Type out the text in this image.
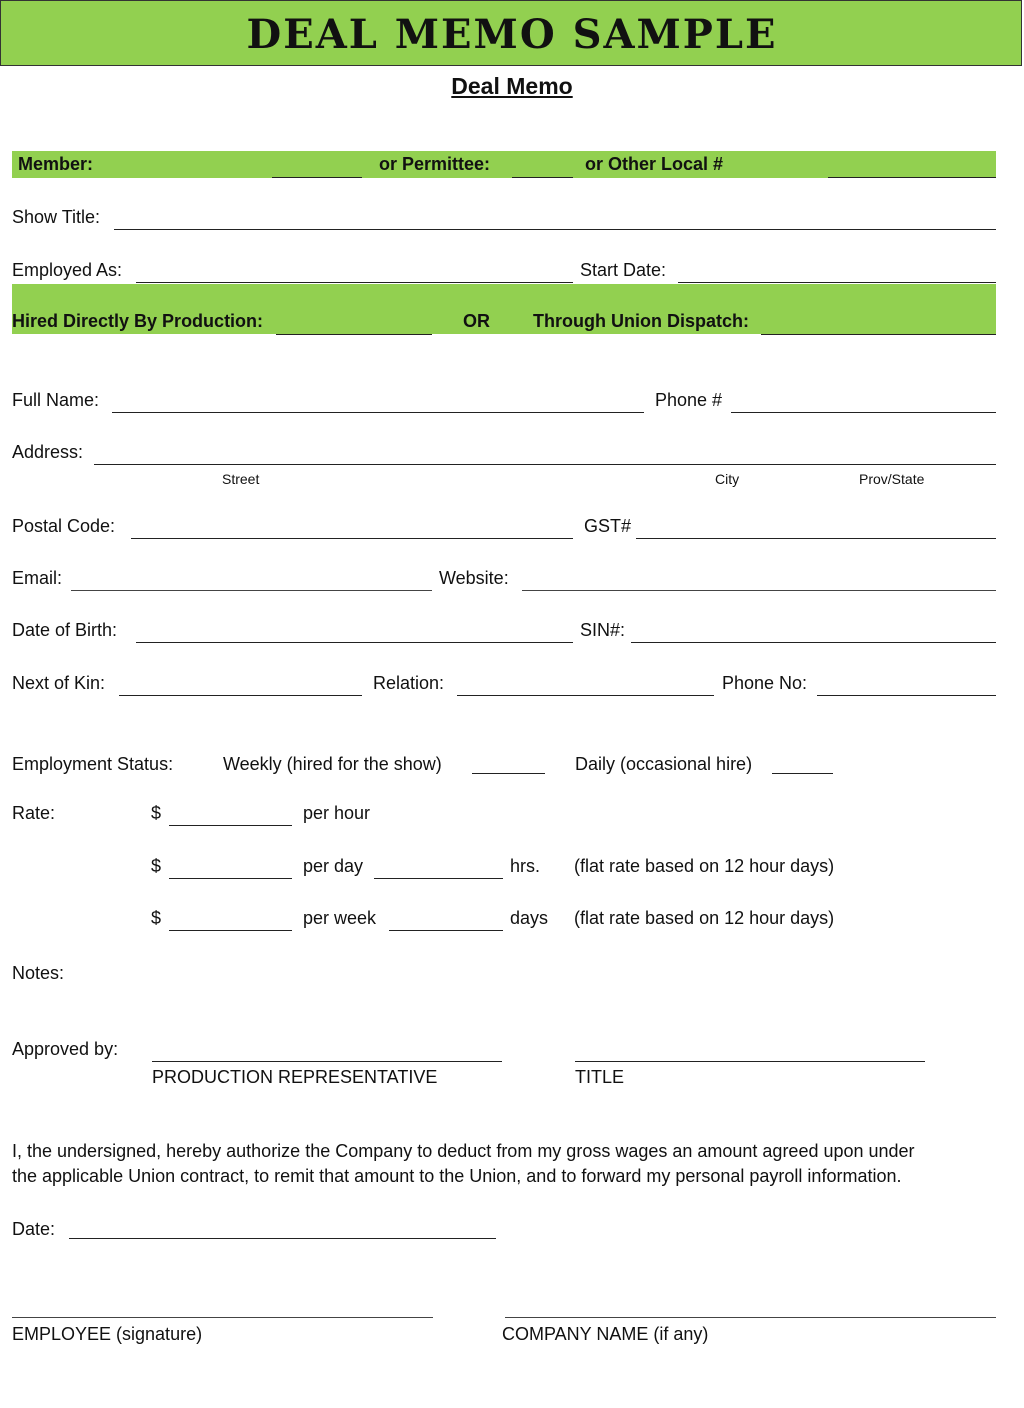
DEAL MEMO SAMPLE
Deal Memo
Member:	or Permittee:	or Other Local #
Show Title:
Employed As:	Start Date:
Hired Directly By Production:	OR Through Union Dispatch:
Full Name:	Phone #
Address:
Street	City	Prov/State
Postal Code:	GST#
Email:	Website:
Date of Birth:	SIN#:
Next of Kin:	Relation:	Phone No:
Employment Status:	Weekly (hired for the show)	Daily (occasional hire)
Rate:	$	per hour
$	per day	hrs. (flat rate based on 12 hour days)
$	per week	days (flat rate based on 12 hour days)
Notes:
Approved by:
PRODUCTION REPRESENTATIVE	TITLE
I, the undersigned, hereby authorize the Company to deduct from my gross wages an amount agreed upon under
the applicable Union contract, to remit that amount to the Union, and to forward my personal payroll information.
Date:
EMPLOYEE (signature)	COMPANY NAME (if any)
